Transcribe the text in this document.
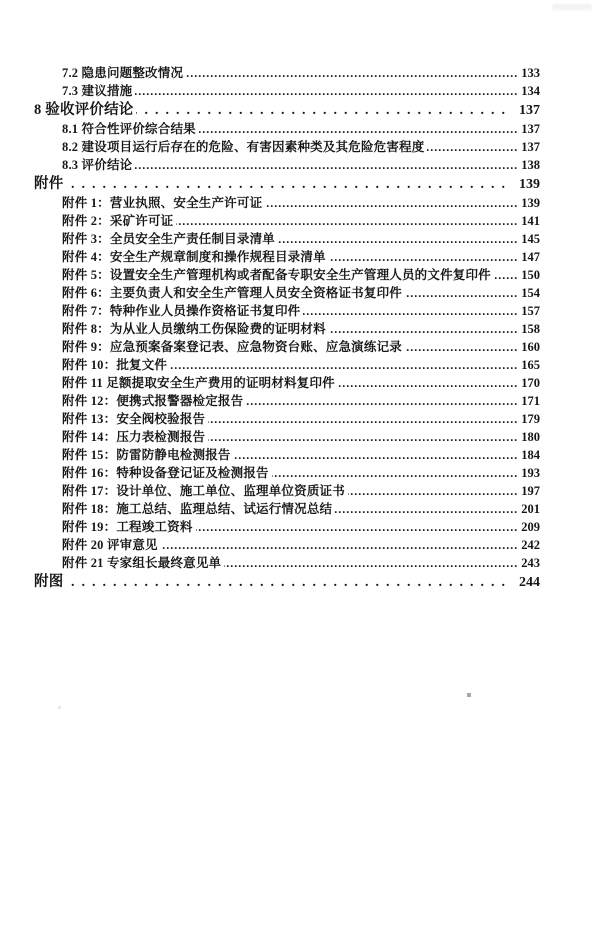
7.2 隐患问题整改情况 .....	133
7.3 建议措施 .....	134
8 验收评价结论 .....	137
8.1 符合性评价综合结果 .....	137
8.2 建设项目运行后存在的危险、有害因素种类及其危险危害程度 .....	137
8.3 评价结论 .....	138
附件 .....	139
附件 1：营业执照、安全生产许可证 .....	139
附件 2：采矿许可证 .....	141
附件 3：全员安全生产责任制目录清单 .....	145
附件 4：安全生产规章制度和操作规程目录清单 .....	147
附件 5：设置安全生产管理机构或者配备专职安全生产管理人员的文件复印件 ..... 150
附件 6：主要负责人和安全生产管理人员安全资格证书复印件 .....	154
附件 7：特种作业人员操作资格证书复印件 .....	157
附件 8：为从业人员缴纳工伤保险费的证明材料 .....	158
附件 9：应急预案备案登记表、应急物资台账、应急演练记录 .....	160
附件 10：批复文件 .....	165
附件 11 足额提取安全生产费用的证明材料复印件 .....	170
附件 12：便携式报警器检定报告 .....	171
附件 13：安全阀校验报告 .....	179
附件 14：压力表检测报告 .....	180
附件 15：防雷防静电检测报告 .....	184
附件 16：特种设备登记证及检测报告 .....	193
附件 17：设计单位、施工单位、监理单位资质证书 .....	197
附件 18：施工总结、监理总结、试运行情况总结 .....	201
附件 19：工程竣工资料 .....	209
附件 20 评审意见 .....	242
附件 21 专家组长最终意见单 .....	243
附图 .....	244
